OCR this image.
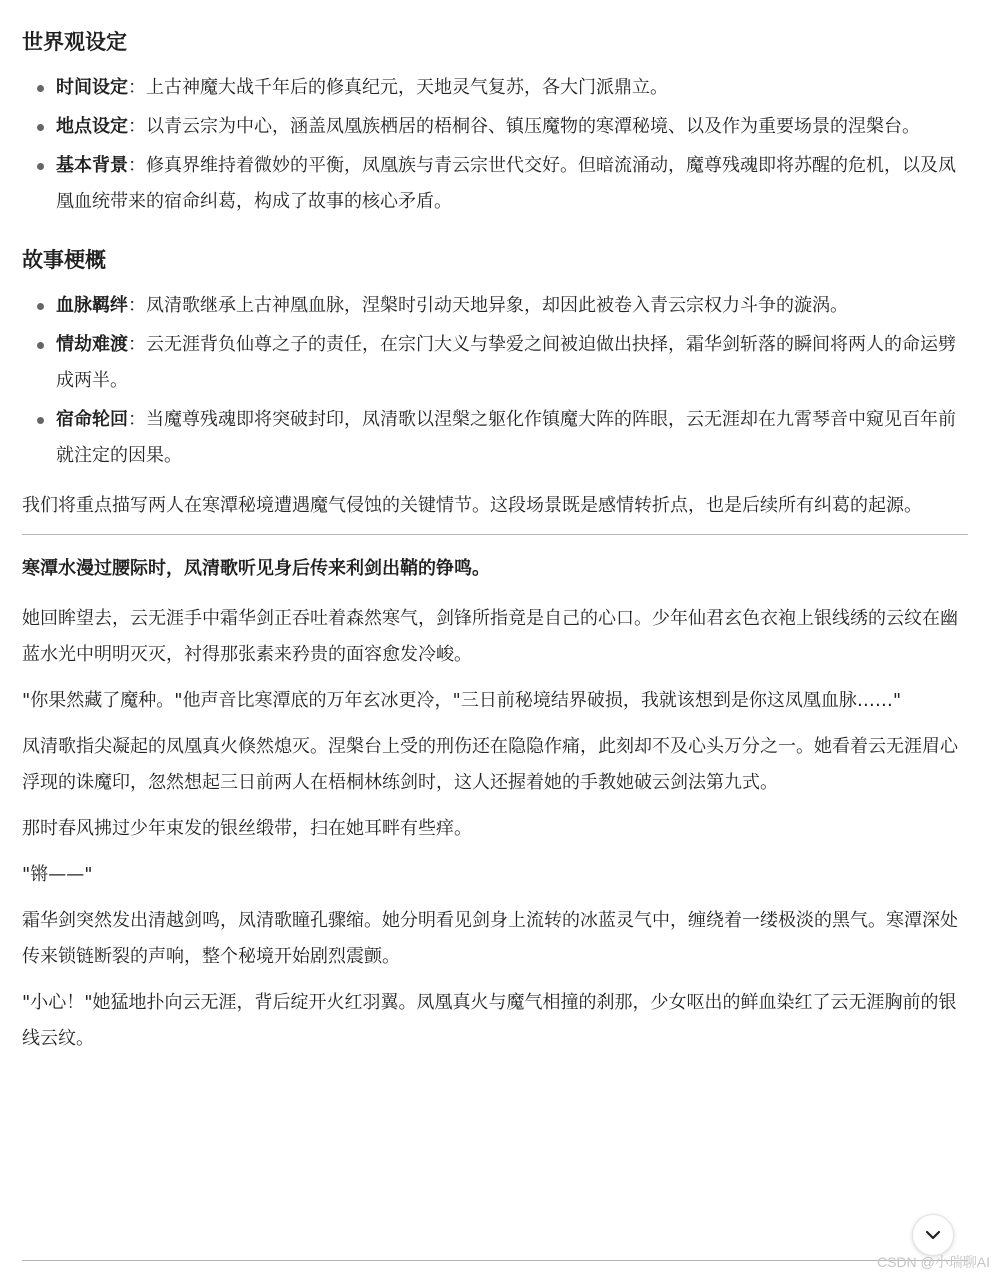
世界观设定
时间设定：上古神魔大战千年后的修真纪元，天地灵气复苏，各大门派鼎立。
地点设定：以青云宗为中心，涵盖凤凰族栖居的梧桐谷、镇压魔物的寒潭秘境、以及作为重要场景的涅槃台。
基本背景：修真界维持着微妙的平衡，凤凰族与青云宗世代交好。但暗流涌动，魔尊残魂即将苏醒的危机，以及凤凰血统带来的宿命纠葛，构成了故事的核心矛盾。
故事梗概
血脉羁绊：凤清歌继承上古神凰血脉，涅槃时引动天地异象，却因此被卷入青云宗权力斗争的漩涡。
情劫难渡：云无涯背负仙尊之子的责任，在宗门大义与挚爱之间被迫做出抉择，霜华剑斩落的瞬间将两人的命运劈成两半。
宿命轮回：当魔尊残魂即将突破封印，凤清歌以涅槃之躯化作镇魔大阵的阵眼，云无涯却在九霄琴音中窥见百年前就注定的因果。

我们将重点描写两人在寒潭秘境遭遇魔气侵蚀的关键情节。这段场景既是感情转折点，也是后续所有纠葛的起源。

寒潭水漫过腰际时，凤清歌听见身后传来利剑出鞘的铮鸣。

她回眸望去，云无涯手中霜华剑正吞吐着森然寒气，剑锋所指竟是自己的心口。少年仙君玄色衣袍上银线绣的云纹在幽蓝水光中明明灭灭，衬得那张素来矜贵的面容愈发冷峻。

"你果然藏了魔种。"他声音比寒潭底的万年玄冰更冷，"三日前秘境结界破损，我就该想到是你这凤凰血脉……"

凤清歌指尖凝起的凤凰真火倏然熄灭。涅槃台上受的刑伤还在隐隐作痛，此刻却不及心头万分之一。她看着云无涯眉心浮现的诛魔印，忽然想起三日前两人在梧桐林练剑时，这人还握着她的手教她破云剑法第九式。

那时春风拂过少年束发的银丝缎带，扫在她耳畔有些痒。

"锵——"

霜华剑突然发出清越剑鸣，凤清歌瞳孔骤缩。她分明看见剑身上流转的冰蓝灵气中，缠绕着一缕极淡的黑气。寒潭深处传来锁链断裂的声响，整个秘境开始剧烈震颤。

"小心！"她猛地扑向云无涯，背后绽开火红羽翼。凤凰真火与魔气相撞的刹那，少女呕出的鲜血染红了云无涯胸前的银线云纹。

CSDN @小瑞聊AI
